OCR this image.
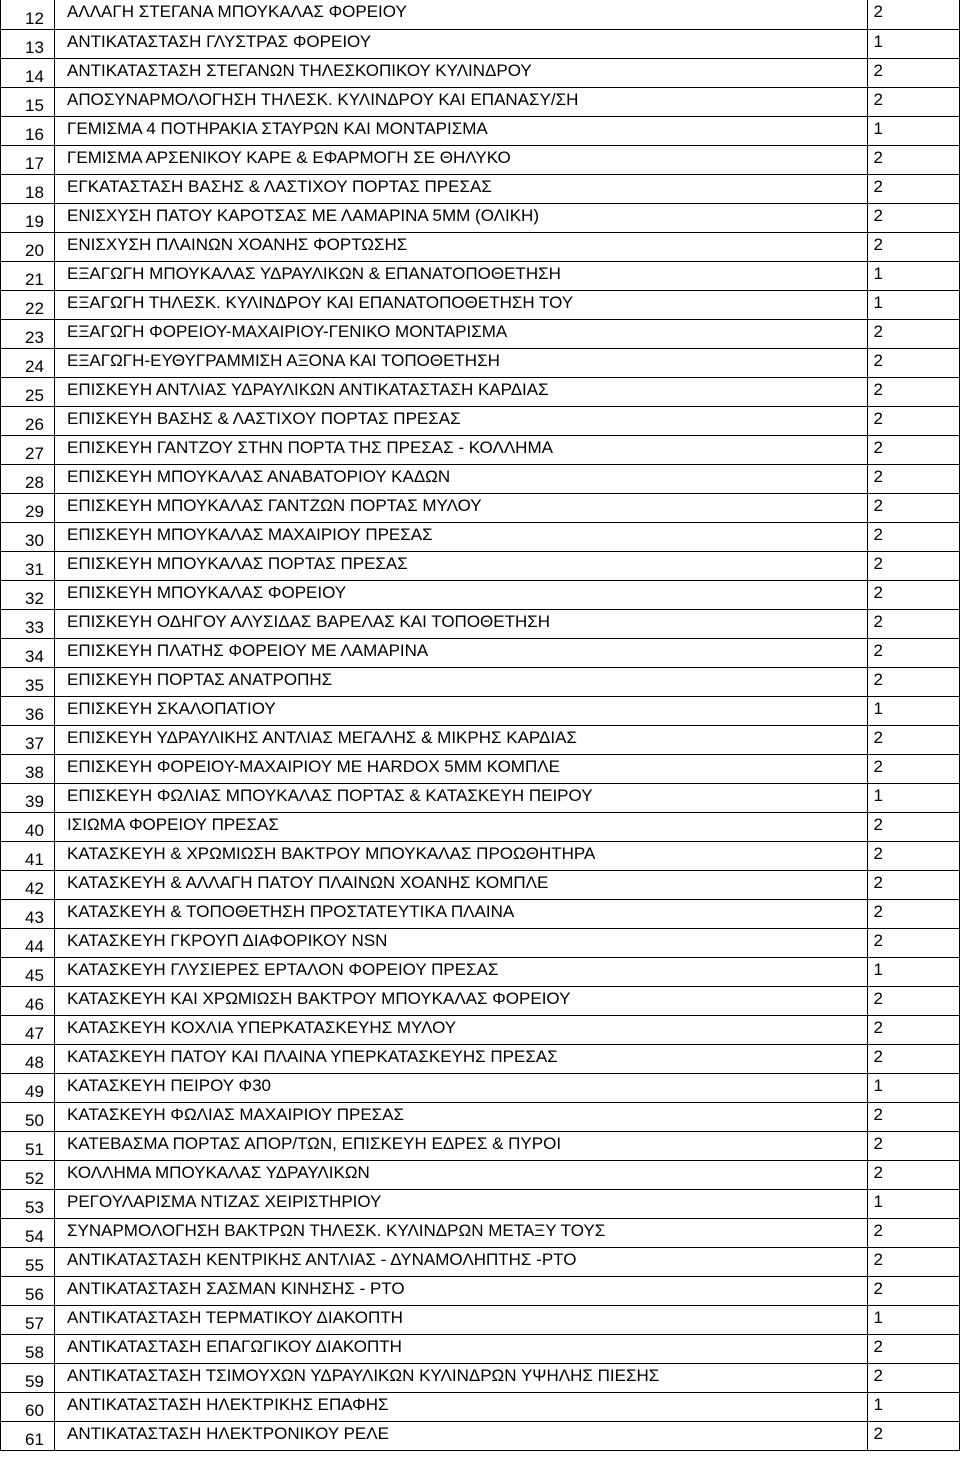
12	ΑΛΛΑΓΗ ΣΤΕΓΑΝΑ ΜΠΟΥΚΑΛΑΣ ΦΟΡΕΙΟΥ	2
13	ΑΝΤΙΚΑΤΑΣΤΑΣΗ ΓΛΥΣΤΡΑΣ ΦΟΡΕΙΟΥ	1
14	ΑΝΤΙΚΑΤΑΣΤΑΣΗ ΣΤΕΓΑΝΩΝ ΤΗΛΕΣΚΟΠΙΚΟΥ ΚΥΛΙΝΔΡΟΥ	2
15	ΑΠΟΣΥΝΑΡΜΟΛΟΓΗΣΗ ΤΗΛΕΣΚ. ΚΥΛΙΝΔΡΟΥ ΚΑΙ ΕΠΑΝΑΣΥ/ΣΗ	2
16	ΓΕΜΙΣΜΑ 4 ΠΟΤΗΡΑΚΙΑ ΣΤΑΥΡΩΝ ΚΑΙ ΜΟΝΤΑΡΙΣΜΑ	1
17	ΓΕΜΙΣΜΑ ΑΡΣΕΝΙΚΟΥ ΚΑΡΕ & ΕΦΑΡΜΟΓΗ ΣΕ ΘΗΛΥΚΟ	2
18	ΕΓΚΑΤΑΣΤΑΣΗ ΒΑΣΗΣ & ΛΑΣΤΙΧΟΥ ΠΟΡΤΑΣ ΠΡΕΣΑΣ	2
19	ΕΝΙΣΧΥΣΗ ΠΑΤΟΥ ΚΑΡΟΤΣΑΣ ΜΕ ΛΑΜΑΡΙΝΑ 5ΜΜ (ΟΛΙΚΗ)	2
20	ΕΝΙΣΧΥΣΗ ΠΛΑΙΝΩΝ ΧΟΑΝΗΣ ΦΟΡΤΩΣΗΣ	2
21	ΕΞΑΓΩΓΗ ΜΠΟΥΚΑΛΑΣ ΥΔΡΑΥΛΙΚΩΝ & ΕΠΑΝΑΤΟΠΟΘΕΤΗΣΗ	1
22	ΕΞΑΓΩΓΗ ΤΗΛΕΣΚ. ΚΥΛΙΝΔΡΟΥ ΚΑΙ ΕΠΑΝΑΤΟΠΟΘΕΤΗΣΗ ΤΟΥ	1
23	ΕΞΑΓΩΓΗ ΦΟΡΕΙΟΥ-ΜΑΧΑΙΡΙΟΥ-ΓΕΝΙΚΟ ΜΟΝΤΑΡΙΣΜΑ	2
24	ΕΞΑΓΩΓΗ-ΕΥΘΥΓΡΑΜΜΙΣΗ ΑΞΟΝΑ ΚΑΙ ΤΟΠΟΘΕΤΗΣΗ	2
25	ΕΠΙΣΚΕΥΗ ΑΝΤΛΙΑΣ ΥΔΡΑΥΛΙΚΩΝ ΑΝΤΙΚΑΤΑΣΤΑΣΗ ΚΑΡΔΙΑΣ	2
26	ΕΠΙΣΚΕΥΗ ΒΑΣΗΣ & ΛΑΣΤΙΧΟΥ ΠΟΡΤΑΣ ΠΡΕΣΑΣ	2
27	ΕΠΙΣΚΕΥΗ ΓΑΝΤΖΟΥ ΣΤΗΝ ΠΟΡΤΑ ΤΗΣ ΠΡΕΣΑΣ - ΚΟΛΛΗΜΑ	2
28	ΕΠΙΣΚΕΥΗ ΜΠΟΥΚΑΛΑΣ ΑΝΑΒΑΤΟΡΙΟΥ ΚΑΔΩΝ	2
29	ΕΠΙΣΚΕΥΗ ΜΠΟΥΚΑΛΑΣ ΓΑΝΤΖΩΝ ΠΟΡΤΑΣ ΜΥΛΟΥ	2
30	ΕΠΙΣΚΕΥΗ ΜΠΟΥΚΑΛΑΣ ΜΑΧΑΙΡΙΟΥ ΠΡΕΣΑΣ	2
31	ΕΠΙΣΚΕΥΗ ΜΠΟΥΚΑΛΑΣ ΠΟΡΤΑΣ ΠΡΕΣΑΣ	2
32	ΕΠΙΣΚΕΥΗ ΜΠΟΥΚΑΛΑΣ ΦΟΡΕΙΟΥ	2
33	ΕΠΙΣΚΕΥΗ ΟΔΗΓΟΥ ΑΛΥΣΙΔΑΣ ΒΑΡΕΛΑΣ ΚΑΙ ΤΟΠΟΘΕΤΗΣΗ	2
34	ΕΠΙΣΚΕΥΗ ΠΛΑΤΗΣ ΦΟΡΕΙΟΥ ΜΕ ΛΑΜΑΡΙΝΑ	2
35	ΕΠΙΣΚΕΥΗ ΠΟΡΤΑΣ ΑΝΑΤΡΟΠΗΣ	2
36	ΕΠΙΣΚΕΥΗ ΣΚΑΛΟΠΑΤΙΟΥ	1
37	ΕΠΙΣΚΕΥΗ ΥΔΡΑΥΛΙΚΗΣ ΑΝΤΛΙΑΣ ΜΕΓΑΛΗΣ & ΜΙΚΡΗΣ ΚΑΡΔΙΑΣ	2
38	ΕΠΙΣΚΕΥΗ ΦΟΡΕΙΟΥ-ΜΑΧΑΙΡΙΟΥ ΜΕ HARDOX 5MM ΚΟΜΠΛΕ	2
39	ΕΠΙΣΚΕΥΗ ΦΩΛΙΑΣ ΜΠΟΥΚΑΛΑΣ ΠΟΡΤΑΣ & ΚΑΤΑΣΚΕΥΗ ΠΕΙΡΟΥ	1
40	ΙΣΙΩΜΑ ΦΟΡΕΙΟΥ ΠΡΕΣΑΣ	2
41	ΚΑΤΑΣΚΕΥΗ & ΧΡΩΜΙΩΣΗ ΒΑΚΤΡΟΥ ΜΠΟΥΚΑΛΑΣ ΠΡΟΩΘΗΤΗΡΑ	2
42	ΚΑΤΑΣΚΕΥΗ & ΑΛΛΑΓΗ ΠΑΤΟΥ ΠΛΑΙΝΩΝ ΧΟΑΝΗΣ ΚΟΜΠΛΕ	2
43	ΚΑΤΑΣΚΕΥΗ & ΤΟΠΟΘΕΤΗΣΗ ΠΡΟΣΤΑΤΕΥΤΙΚΑ ΠΛΑΙΝΑ	2
44	ΚΑΤΑΣΚΕΥΗ ΓΚΡΟΥΠ ΔΙΑΦΟΡΙΚΟΥ NSN	2
45	ΚΑΤΑΣΚΕΥΗ ΓΛΥΣΙΕΡΕΣ ΕΡΤΑΛΟΝ ΦΟΡΕΙΟΥ ΠΡΕΣΑΣ	1
46	ΚΑΤΑΣΚΕΥΗ ΚΑΙ ΧΡΩΜΙΩΣΗ ΒΑΚΤΡΟΥ ΜΠΟΥΚΑΛΑΣ ΦΟΡΕΙΟΥ	2
47	ΚΑΤΑΣΚΕΥΗ ΚΟΧΛΙΑ ΥΠΕΡΚΑΤΑΣΚΕΥΗΣ ΜΥΛΟΥ	2
48	ΚΑΤΑΣΚΕΥΗ ΠΑΤΟΥ ΚΑΙ ΠΛΑΙΝΑ ΥΠΕΡΚΑΤΑΣΚΕΥΗΣ ΠΡΕΣΑΣ	2
49	ΚΑΤΑΣΚΕΥΗ ΠΕΙΡΟΥ Φ30	1
50	ΚΑΤΑΣΚΕΥΗ ΦΩΛΙΑΣ ΜΑΧΑΙΡΙΟΥ ΠΡΕΣΑΣ	2
51	ΚΑΤΕΒΑΣΜΑ ΠΟΡΤΑΣ ΑΠΟΡ/ΤΩΝ, ΕΠΙΣΚΕΥΗ ΕΔΡΕΣ & ΠΥΡΟΙ	2
52	ΚΟΛΛΗΜΑ ΜΠΟΥΚΑΛΑΣ ΥΔΡΑΥΛΙΚΩΝ	2
53	ΡΕΓΟΥΛΑΡΙΣΜΑ ΝΤΙΖΑΣ ΧΕΙΡΙΣΤΗΡΙΟΥ	1
54	ΣΥΝΑΡΜΟΛΟΓΗΣΗ ΒΑΚΤΡΩΝ ΤΗΛΕΣΚ. ΚΥΛΙΝΔΡΩΝ ΜΕΤΑΞΥ ΤΟΥΣ	2
55	ΑΝΤΙΚΑΤΑΣΤΑΣΗ ΚΕΝΤΡΙΚΗΣ ΑΝΤΛΙΑΣ - ΔΥΝΑΜΟΛΗΠΤΗΣ -PTO	2
56	ΑΝΤΙΚΑΤΑΣΤΑΣΗ ΣΑΣΜΑΝ ΚΙΝΗΣΗΣ - PTO	2
57	ΑΝΤΙΚΑΤΑΣΤΑΣΗ ΤΕΡΜΑΤΙΚΟΥ ΔΙΑΚΟΠΤΗ	1
58	ΑΝΤΙΚΑΤΑΣΤΑΣΗ ΕΠΑΓΩΓΙΚΟΥ ΔΙΑΚΟΠΤΗ	2
59	ΑΝΤΙΚΑΤΑΣΤΑΣΗ ΤΣΙΜΟΥΧΩΝ ΥΔΡΑΥΛΙΚΩΝ ΚΥΛΙΝΔΡΩΝ ΥΨΗΛΗΣ ΠΙΕΣΗΣ	2
60	ΑΝΤΙΚΑΤΑΣΤΑΣΗ ΗΛΕΚΤΡΙΚΗΣ ΕΠΑΦΗΣ	1
61	ΑΝΤΙΚΑΤΑΣΤΑΣΗ ΗΛΕΚΤΡΟΝΙΚΟΥ ΡΕΛΕ	2
